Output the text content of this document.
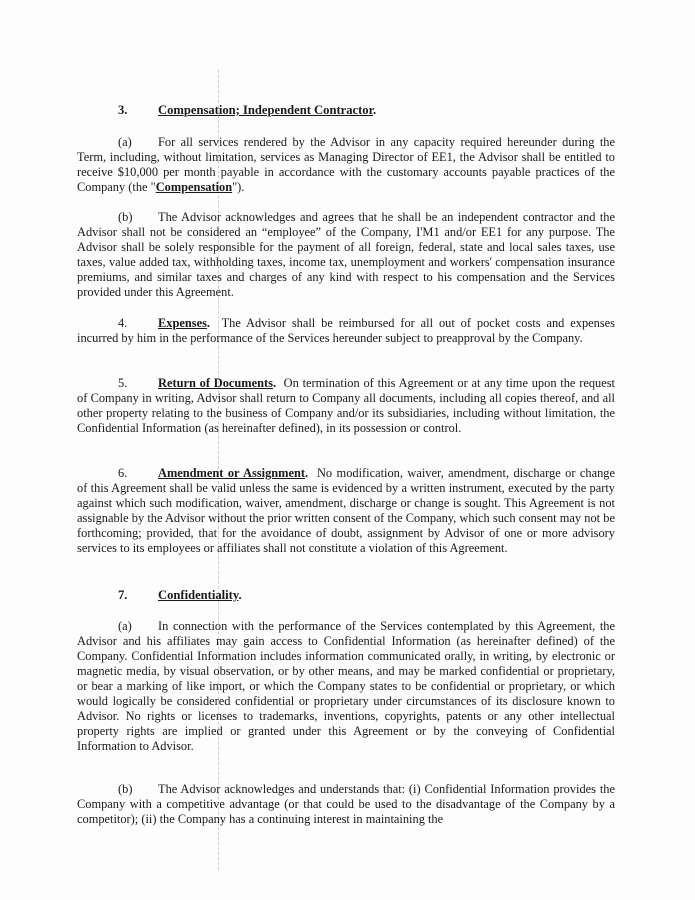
3. Compensation; Independent Contractor.

(a) For all services rendered by the Advisor in any capacity required hereunder during the Term, including, without limitation, services as Managing Director of EE1, the Advisor shall be entitled to receive $10,000 per month payable in accordance with the customary accounts payable practices of the Company (the "Compensation").

(b) The Advisor acknowledges and agrees that he shall be an independent contractor and the Advisor shall not be considered an “employee” of the Company, I'M1 and/or EE1 for any purpose. The Advisor shall be solely responsible for the payment of all foreign, federal, state and local sales taxes, use taxes, value added tax, withholding taxes, income tax, unemployment and workers' compensation insurance premiums, and similar taxes and charges of any kind with respect to his compensation and the Services provided under this Agreement.

4. Expenses. The Advisor shall be reimbursed for all out of pocket costs and expenses incurred by him in the performance of the Services hereunder subject to preapproval by the Company.

5. Return of Documents. On termination of this Agreement or at any time upon the request of Company in writing, Advisor shall return to Company all documents, including all copies thereof, and all other property relating to the business of Company and/or its subsidiaries, including without limitation, the Confidential Information (as hereinafter defined), in its possession or control.

6. Amendment or Assignment. No modification, waiver, amendment, discharge or change of this Agreement shall be valid unless the same is evidenced by a written instrument, executed by the party against which such modification, waiver, amendment, discharge or change is sought. This Agreement is not assignable by the Advisor without the prior written consent of the Company, which such consent may not be forthcoming; provided, that for the avoidance of doubt, assignment by Advisor of one or more advisory services to its employees or affiliates shall not constitute a violation of this Agreement.

7. Confidentiality.

(a) In connection with the performance of the Services contemplated by this Agreement, the Advisor and his affiliates may gain access to Confidential Information (as hereinafter defined) of the Company. Confidential Information includes information communicated orally, in writing, by electronic or magnetic media, by visual observation, or by other means, and may be marked confidential or proprietary, or bear a marking of like import, or which the Company states to be confidential or proprietary, or which would logically be considered confidential or proprietary under circumstances of its disclosure known to Advisor. No rights or licenses to trademarks, inventions, copyrights, patents or any other intellectual property rights are implied or granted under this Agreement or by the conveying of Confidential Information to Advisor.

(b) The Advisor acknowledges and understands that: (i) Confidential Information provides the Company with a competitive advantage (or that could be used to the disadvantage of the Company by a competitor); (ii) the Company has a continuing interest in maintaining the
